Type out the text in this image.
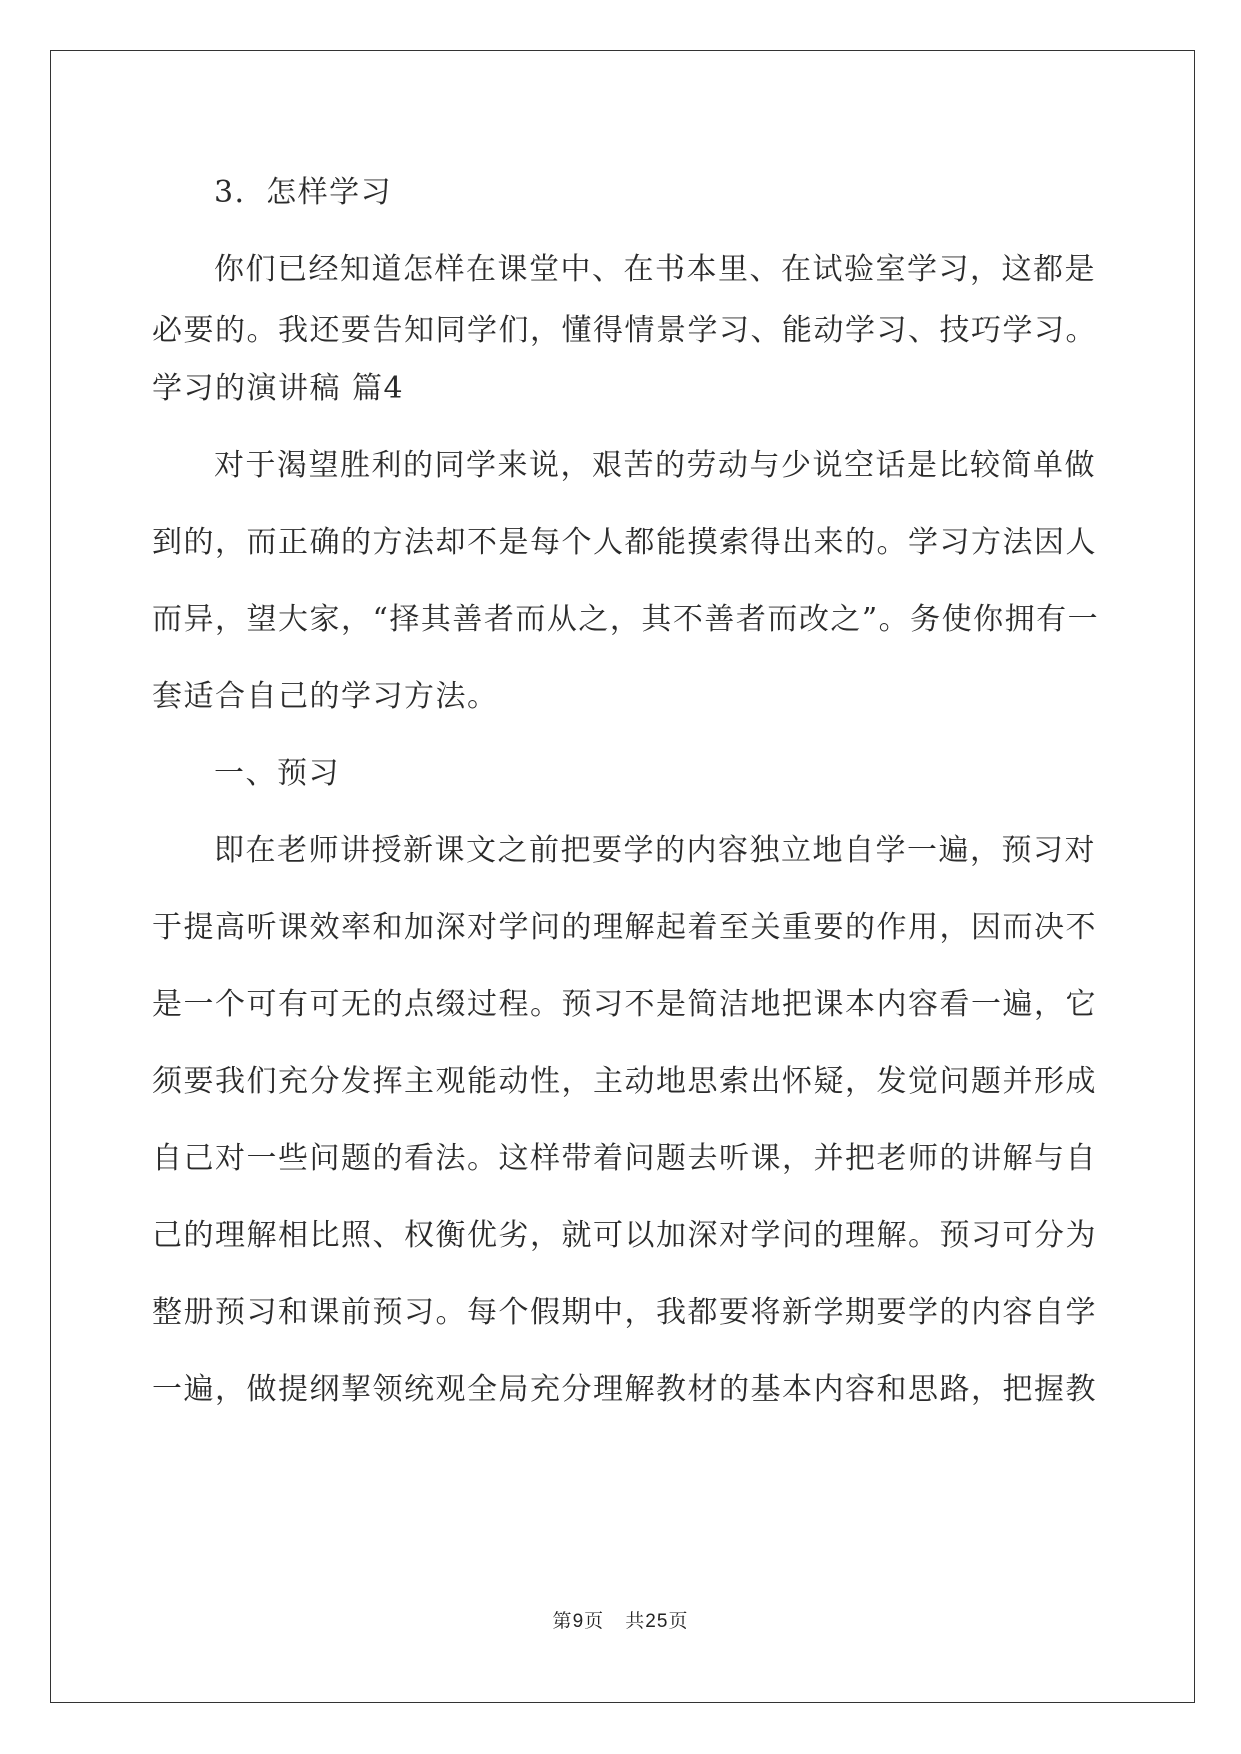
3．怎样学习
你们已经知道怎样在课堂中、在书本里、在试验室学习，这都是
必要的。我还要告知同学们，懂得情景学习、能动学习、技巧学习。
学习的演讲稿 篇4
对于渴望胜利的同学来说，艰苦的劳动与少说空话是比较简单做
到的，而正确的方法却不是每个人都能摸索得出来的。学习方法因人
而异，望大家，“择其善者而从之，其不善者而改之”。务使你拥有一
套适合自己的学习方法。
一、预习
即在老师讲授新课文之前把要学的内容独立地自学一遍，预习对
于提高听课效率和加深对学问的理解起着至关重要的作用，因而决不
是一个可有可无的点缀过程。预习不是简洁地把课本内容看一遍，它
须要我们充分发挥主观能动性，主动地思索出怀疑，发觉问题并形成
自己对一些问题的看法。这样带着问题去听课，并把老师的讲解与自
己的理解相比照、权衡优劣，就可以加深对学问的理解。预习可分为
整册预习和课前预习。每个假期中，我都要将新学期要学的内容自学
一遍，做提纲挈领统观全局充分理解教材的基本内容和思路，把握教
第9页 共25页
